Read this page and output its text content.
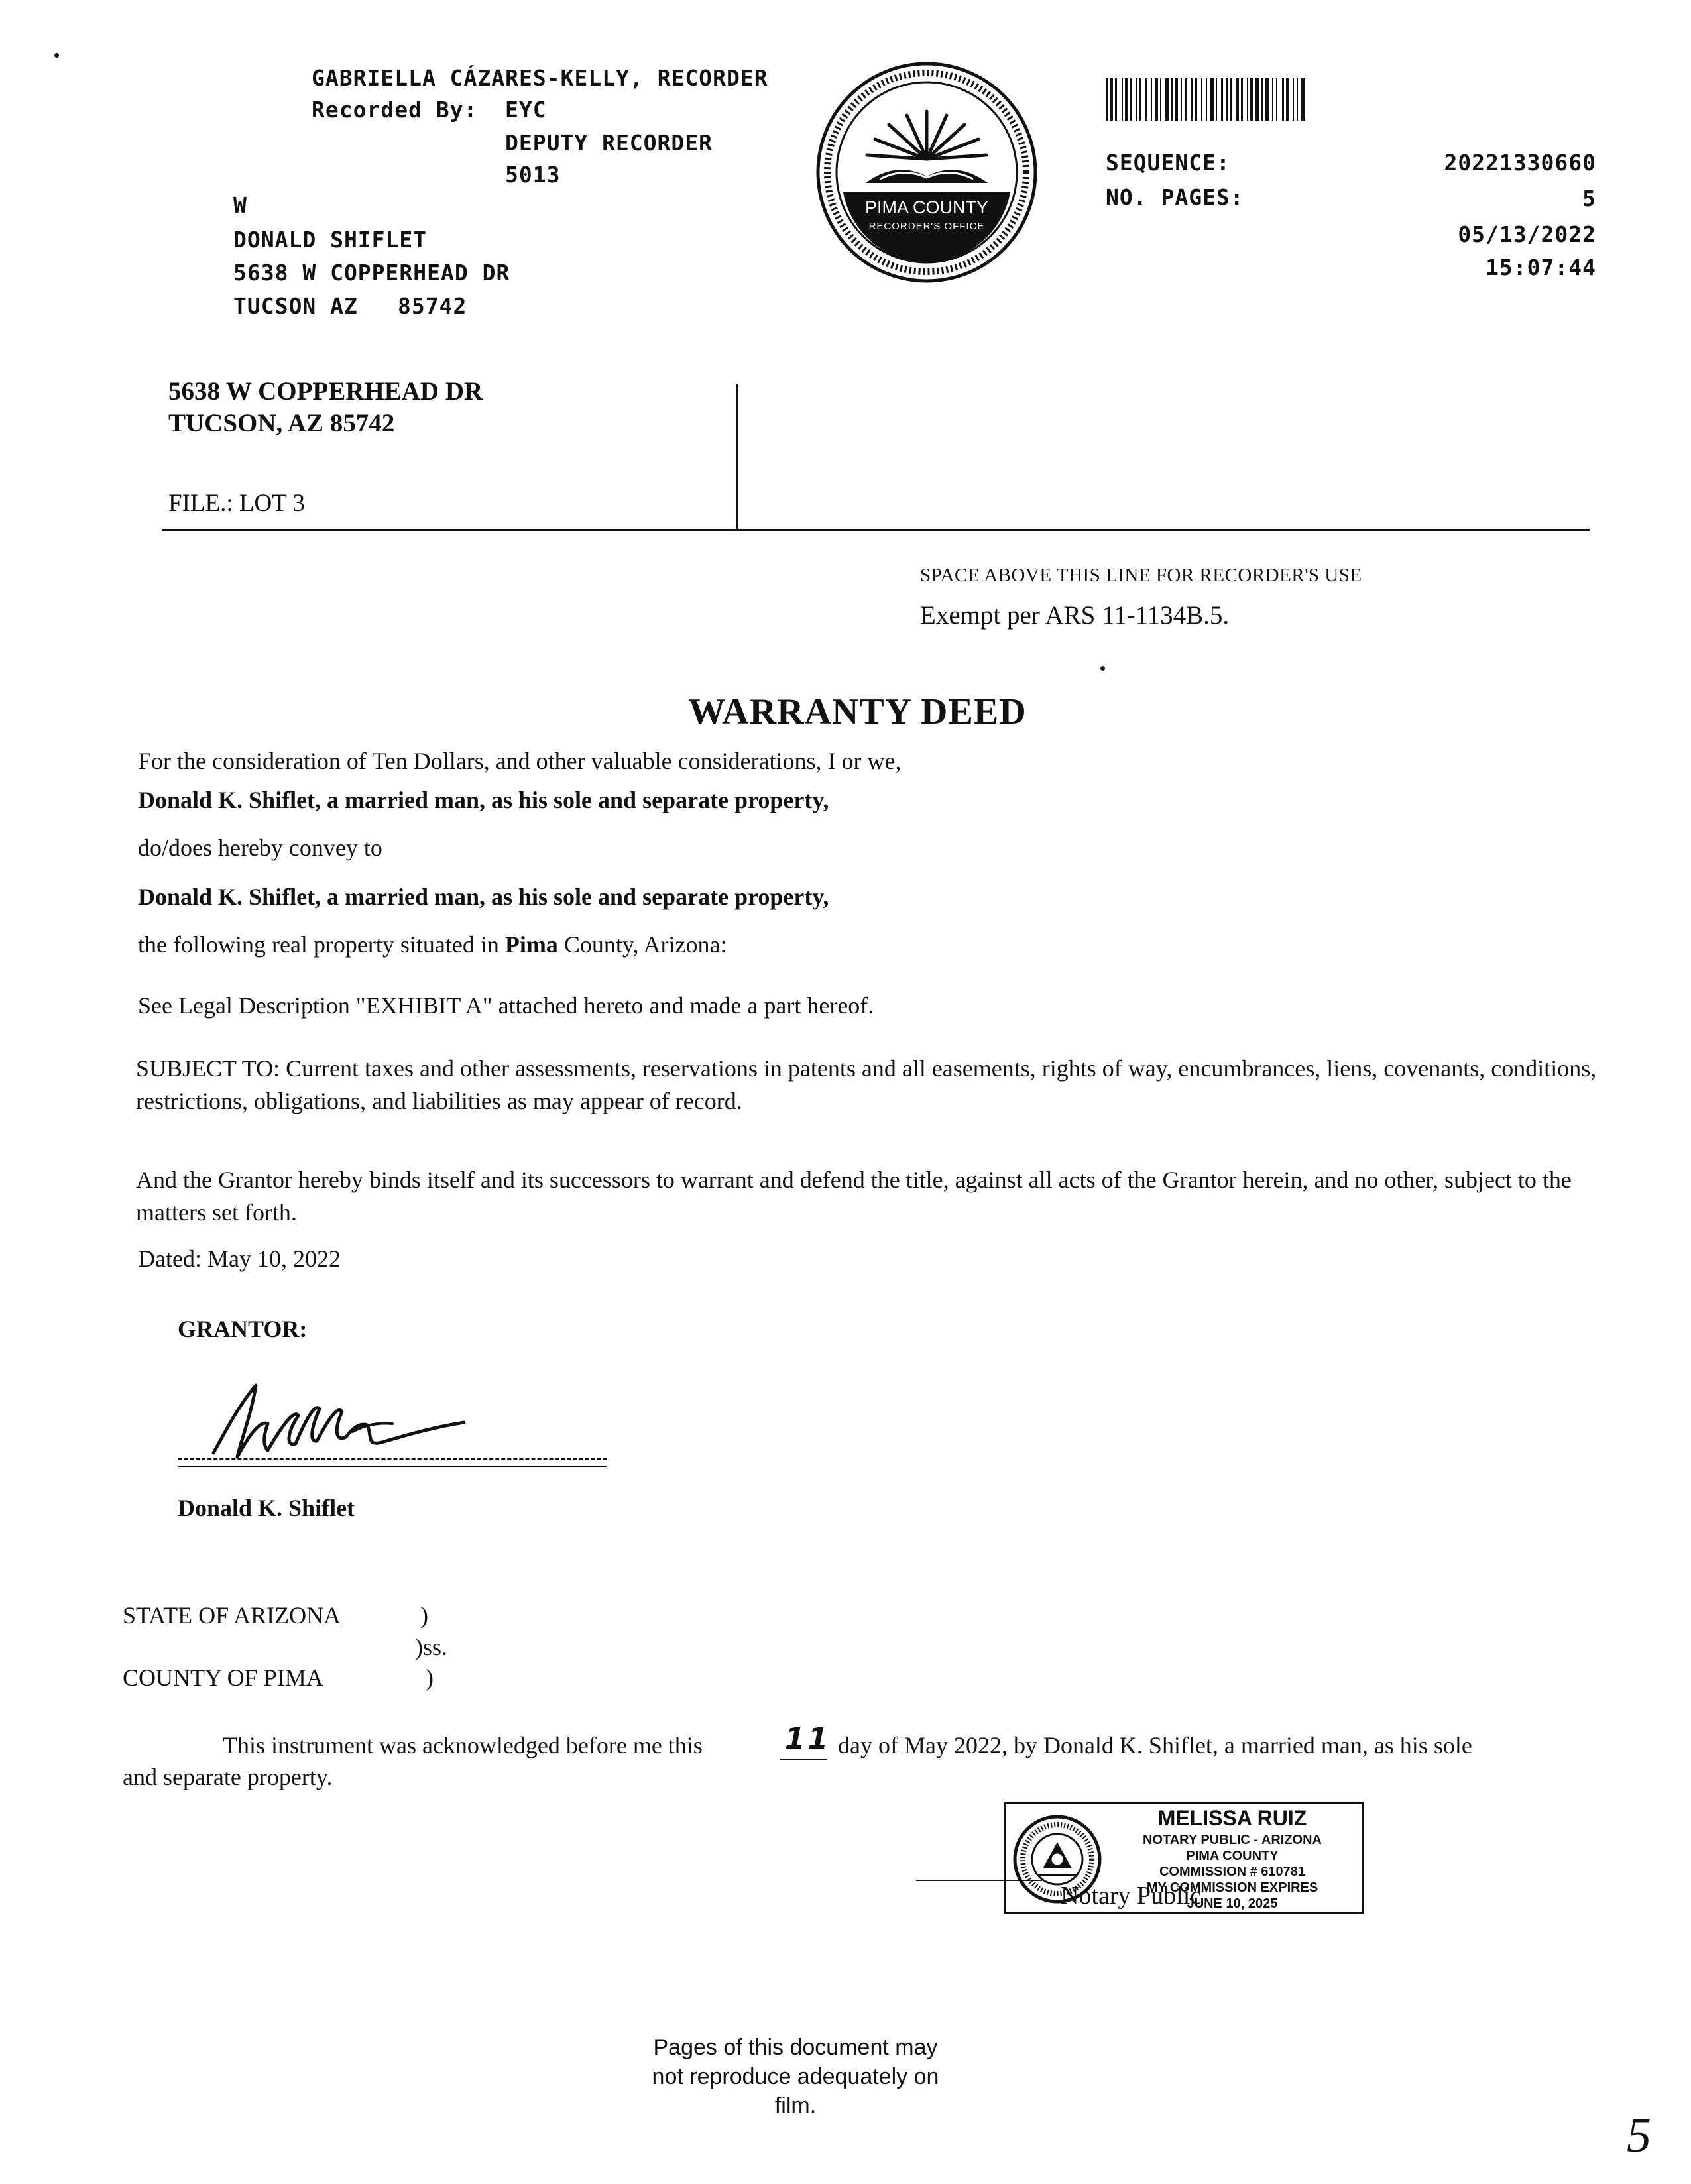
GABRIELLA CÁZARES-KELLY, RECORDER
Recorded By: EYC
DEPUTY RECORDER
5013
W
DONALD SHIFLET
5638 W COPPERHEAD DR
TUCSON AZ 85742
PIMA COUNTY
RECORDER'S OFFICE
SEQUENCE:	20221330660
NO. PAGES:	5
05/13/2022
15:07:44
5638 W COPPERHEAD DR
TUCSON, AZ 85742
FILE.: LOT 3
SPACE ABOVE THIS LINE FOR RECORDER'S USE
Exempt per ARS 11-1134B.5.
WARRANTY DEED
For the consideration of Ten Dollars, and other valuable considerations, I or we,
Donald K. Shiflet, a married man, as his sole and separate property,
do/does hereby convey to
Donald K. Shiflet, a married man, as his sole and separate property,
the following real property situated in Pima County, Arizona:
See Legal Description "EXHIBIT A" attached hereto and made a part hereof.
SUBJECT TO: Current taxes and other assessments, reservations in patents and all easements, rights of way, encumbrances, liens, covenants, conditions, restrictions, obligations, and liabilities as may appear of record.
And the Grantor hereby binds itself and its successors to warrant and defend the title, against all acts of the Grantor herein, and no other, subject to the matters set forth.
Dated: May 10, 2022
GRANTOR:
Donald K. Shiflet
STATE OF ARIZONA	)
)ss.
COUNTY OF PIMA	)
This instrument was acknowledged before me this	11 day of May 2022, by Donald K. Shiflet, a married man, as his sole
and separate property.
Notary Public
MELISSA RUIZ
NOTARY PUBLIC - ARIZONA
PIMA COUNTY
COMMISSION # 610781
MY COMMISSION EXPIRES
JUNE 10, 2025
Pages of this document may
not reproduce adequately on
film.
5
